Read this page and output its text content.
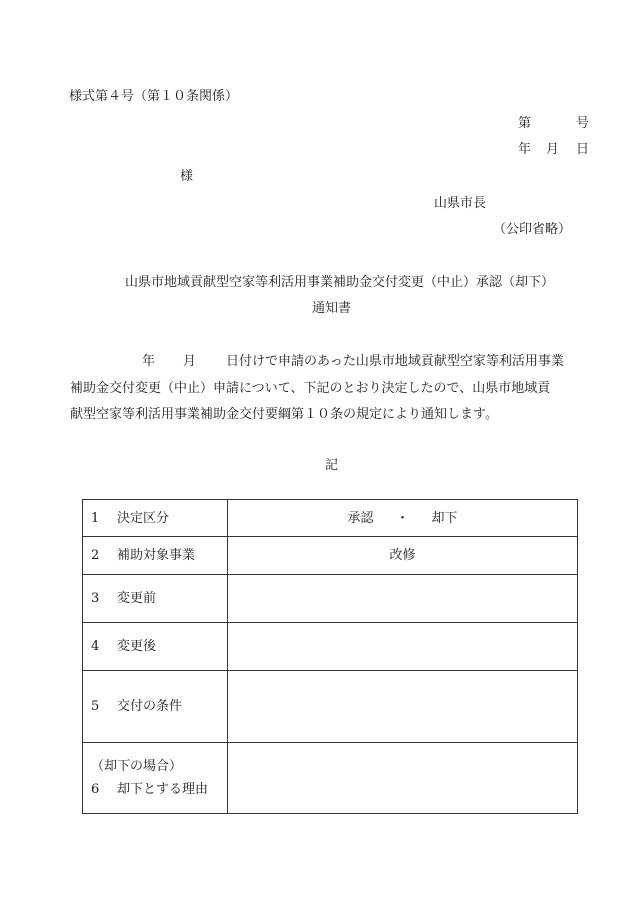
様式第４号（第１０条関係）
第	号
年 月 日
様
山県市長
（公印省略）
山県市地域貢献型空家等利活用事業補助金交付変更（中止）承認（却下）
通知書
年 月 日付けで申請のあった山県市地域貢献型空家等利活用事業
補助金交付変更（中止）申請について、下記のとおり決定したので、山県市地域貢
献型空家等利活用事業補助金交付要綱第１０条の規定により通知します。
記
1 決定区分	承認 ・ 却下
2 補助対象事業	改修
3 変更前	
4 変更後	
5 交付の条件	

（却下の場合）
6 却下とする理由	
